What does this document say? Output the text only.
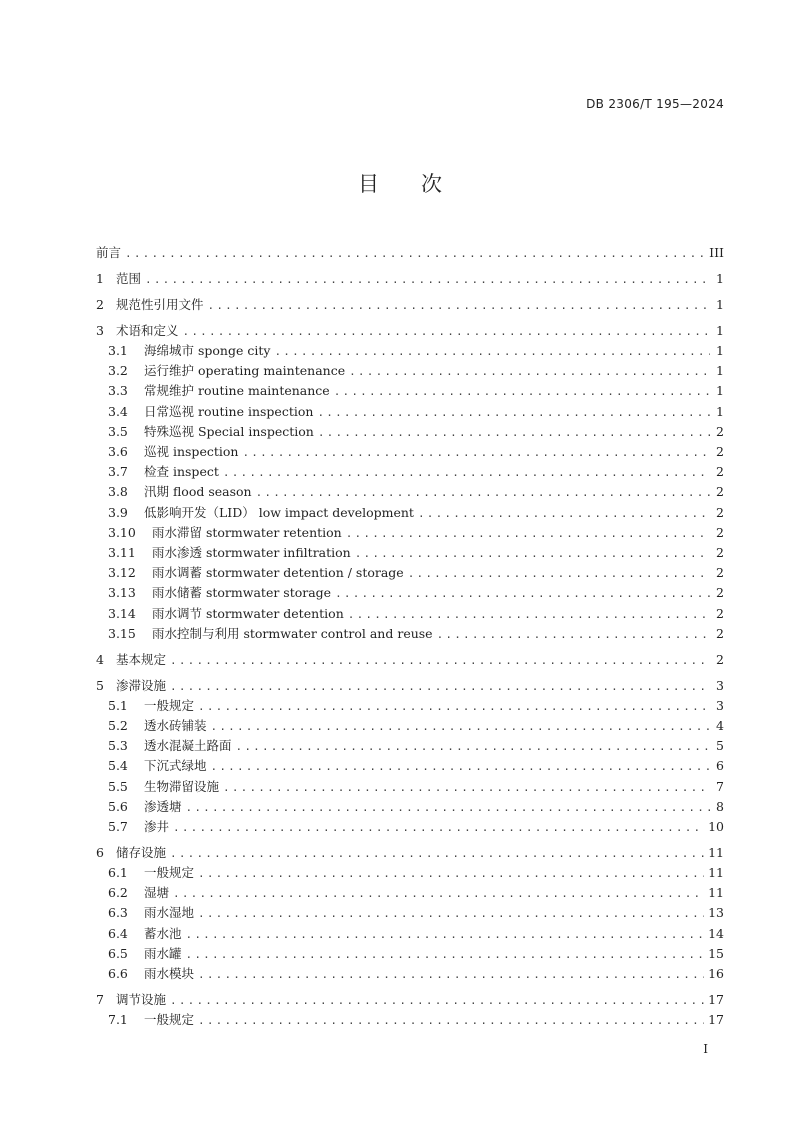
DB 2306/T 195—2024
目 次
前言 .....	III
1 范围 .....	1
2 规范性引用文件 .....	1
3 术语和定义 .....	1
3.1	海绵城市 sponge city .....	1
3.2	运行维护 operating maintenance .....	1
3.3	常规维护 routine maintenance .....	1
3.4	日常巡视 routine inspection .....	1
3.5	特殊巡视 Special inspection .....	2
3.6	巡视 inspection .....	2
3.7	检查 inspect .....	2
3.8	汛期 flood season .....	2
3.9	低影响开发（LID） low impact development .....	2
3.10	雨水滞留 stormwater retention .....	2
3.11	雨水渗透 stormwater infiltration .....	2
3.12	雨水调蓄 stormwater detention / storage .....	2
3.13	雨水储蓄 stormwater storage .....	2
3.14	雨水调节 stormwater detention .....	2
3.15	雨水控制与利用 stormwater control and reuse .....	2
4 基本规定 .....	2
5 渗滞设施 .....	3
5.1	一般规定 .....	3
5.2	透水砖铺装 .....	4
5.3	透水混凝土路面 .....	5
5.4	下沉式绿地 .....	6
5.5	生物滞留设施 .....	7
5.6	渗透塘 .....	8
5.7	渗井 .....	10
6 储存设施 .....	11
6.1	一般规定 .....	11
6.2	湿塘 .....	11
6.3	雨水湿地 .....	13
6.4	蓄水池 .....	14
6.5	雨水罐 .....	15
6.6	雨水模块 .....	16
7 调节设施 .....	17
7.1	一般规定 .....	17
I
